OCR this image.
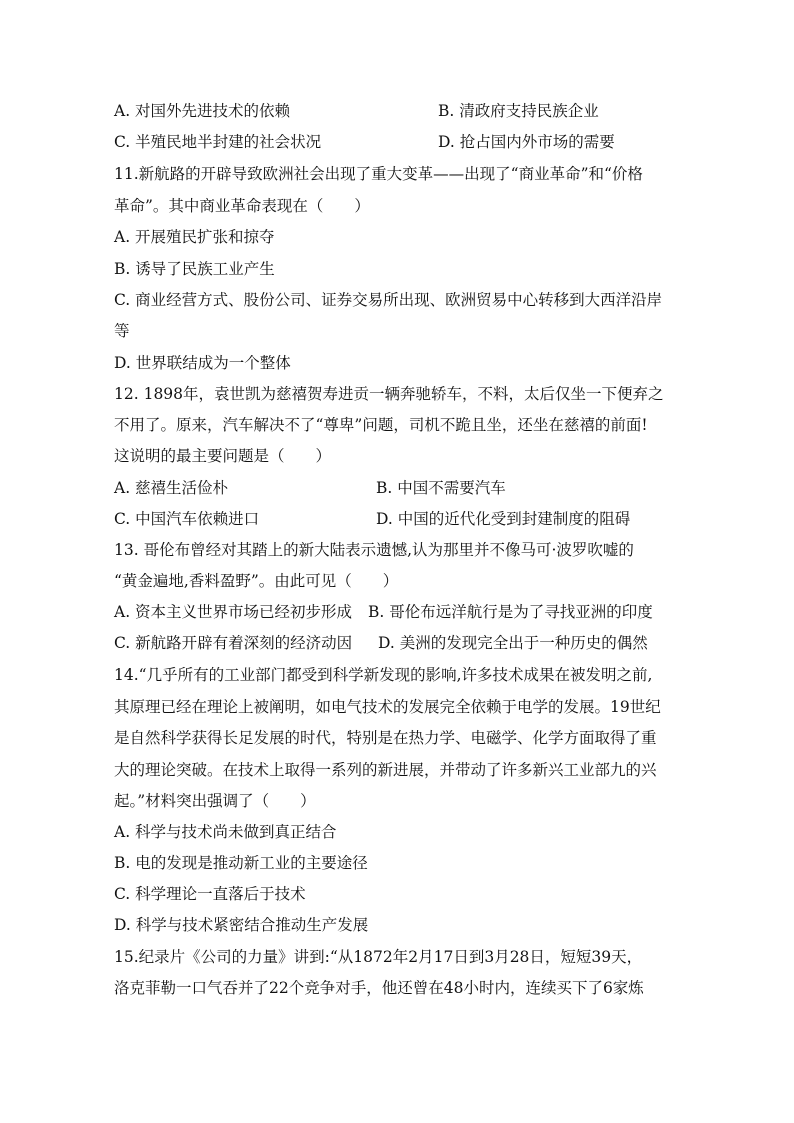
A. 对国外先进技术的依赖	B. 清政府支持民族企业
C. 半殖民地半封建的社会状况	D. 抢占国内外市场的需要
11.新航路的开辟导致欧洲社会出现了重大变革——出现了“商业革命”和“价格
革命”。其中商业革命表现在（　　）
A. 开展殖民扩张和掠夺
B. 诱导了民族工业产生
C. 商业经营方式、股份公司、证券交易所出现、欧洲贸易中心转移到大西洋沿岸
等
D. 世界联结成为一个整体
12. 1898年，袁世凯为慈禧贺寿进贡一辆奔驰轿车，不料，太后仅坐一下便弃之
不用了。原来，汽车解决不了“尊卑”问题，司机不跪且坐，还坐在慈禧的前面!
这说明的最主要问题是（　　）
A. 慈禧生活俭朴	B. 中国不需要汽车
C. 中国汽车依赖进口	D. 中国的近代化受到封建制度的阻碍
13. 哥伦布曾经对其踏上的新大陆表示遗憾,认为那里并不像马可·波罗吹嘘的
“黄金遍地,香料盈野”。由此可见（　　）
A. 资本主义世界市场已经初步形成 B. 哥伦布远洋航行是为了寻找亚洲的印度
C. 新航路开辟有着深刻的经济动因 D. 美洲的发现完全出于一种历史的偶然
14.“几乎所有的工业部门都受到科学新发现的影响,许多技术成果在被发明之前,
其原理已经在理论上被阐明，如电气技术的发展完全依赖于电学的发展。19世纪
是自然科学获得长足发展的时代，特别是在热力学、电磁学、化学方面取得了重
大的理论突破。在技术上取得一系列的新进展，并带动了许多新兴工业部九的兴
起。”材料突出强调了（　　）
A. 科学与技术尚未做到真正结合
B. 电的发现是推动新工业的主要途径
C. 科学理论一直落后于技术
D. 科学与技术紧密结合推动生产发展
15.纪录片《公司的力量》讲到:“从1872年2月17日到3月28日，短短39天，
洛克菲勒一口气吞并了22个竞争对手，他还曾在48小时内，连续买下了6家炼
